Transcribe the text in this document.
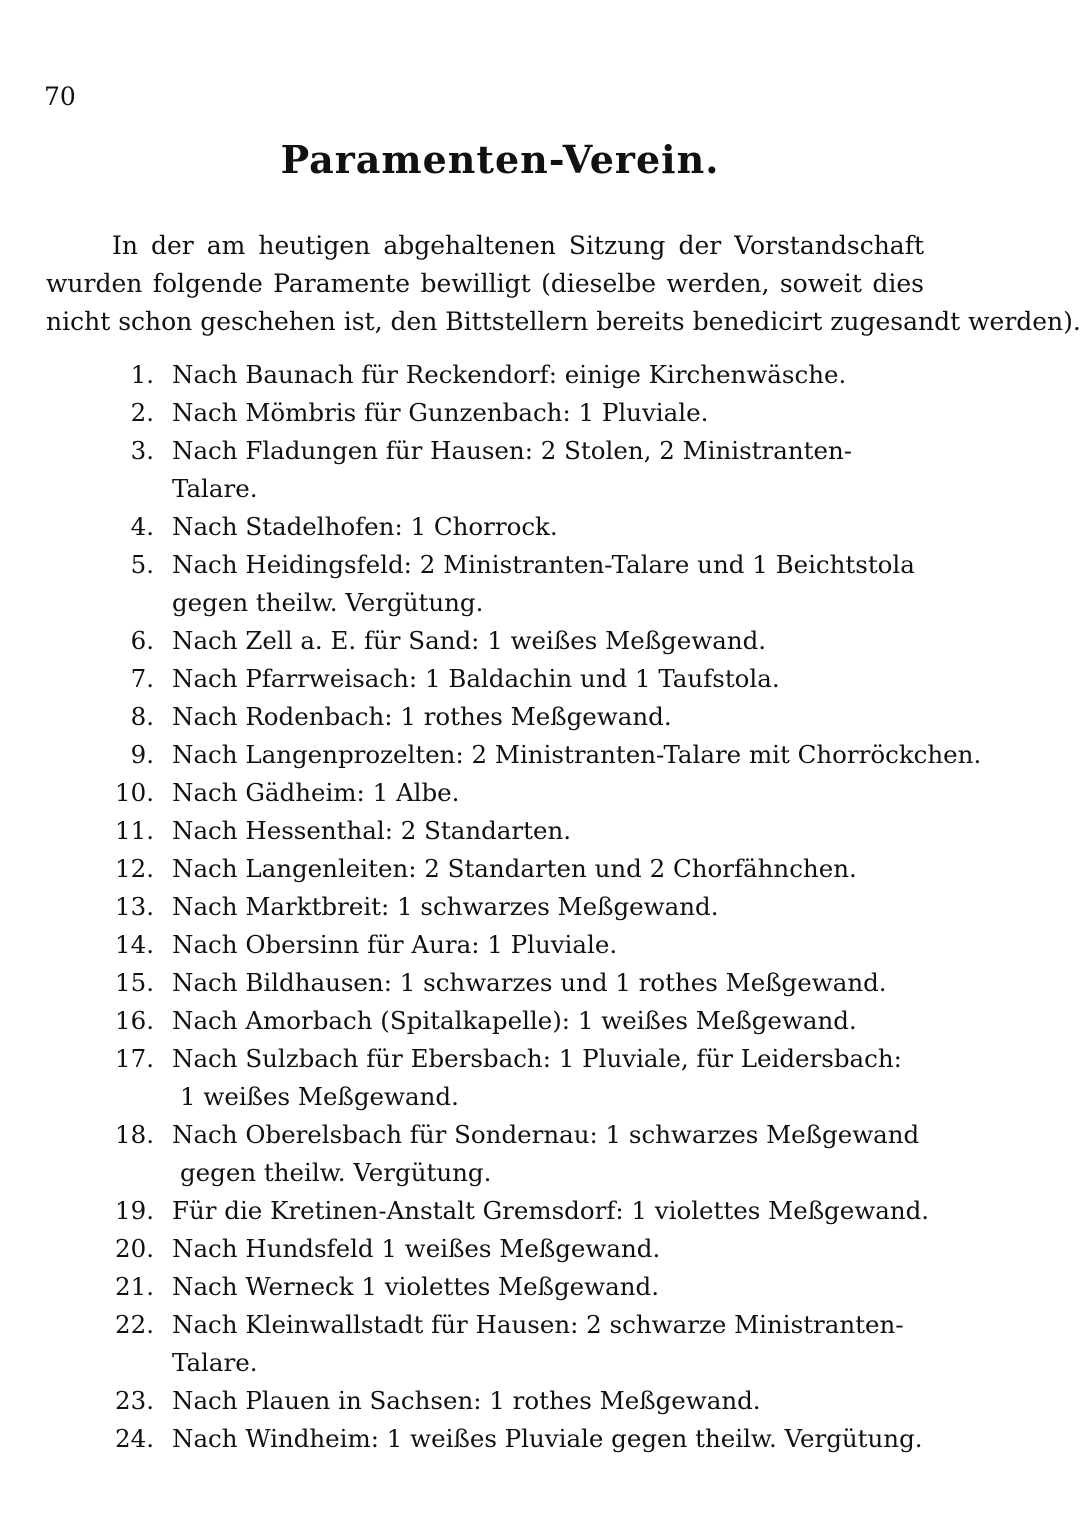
70
Paramenten-Verein.
In der am heutigen abgehaltenen Sitzung der Vorstandschaft
wurden folgende Paramente bewilligt (dieselbe werden, soweit dies
nicht schon geschehen ist, den Bittstellern bereits benedicirt zugesandt werden).
1. Nach Baunach für Reckendorf: einige Kirchenwäsche.
2. Nach Mömbris für Gunzenbach: 1 Pluviale.
3. Nach Fladungen für Hausen: 2 Stolen, 2 Ministranten-
Talare.
4. Nach Stadelhofen: 1 Chorrock.
5. Nach Heidingsfeld: 2 Ministranten-Talare und 1 Beichtstola
gegen theilw. Vergütung.
6. Nach Zell a. E. für Sand: 1 weißes Meßgewand.
7. Nach Pfarrweisach: 1 Baldachin und 1 Taufstola.
8. Nach Rodenbach: 1 rothes Meßgewand.
9. Nach Langenprozelten: 2 Ministranten-Talare mit Chorröckchen.
10. Nach Gädheim: 1 Albe.
11. Nach Hessenthal: 2 Standarten.
12. Nach Langenleiten: 2 Standarten und 2 Chorfähnchen.
13. Nach Marktbreit: 1 schwarzes Meßgewand.
14. Nach Obersinn für Aura: 1 Pluviale.
15. Nach Bildhausen: 1 schwarzes und 1 rothes Meßgewand.
16. Nach Amorbach (Spitalkapelle): 1 weißes Meßgewand.
17. Nach Sulzbach für Ebersbach: 1 Pluviale, für Leidersbach:
1 weißes Meßgewand.
18. Nach Oberelsbach für Sondernau: 1 schwarzes Meßgewand
gegen theilw. Vergütung.
19. Für die Kretinen-Anstalt Gremsdorf: 1 violettes Meßgewand.
20. Nach Hundsfeld 1 weißes Meßgewand.
21. Nach Werneck 1 violettes Meßgewand.
22. Nach Kleinwallstadt für Hausen: 2 schwarze Ministranten-
Talare.
23. Nach Plauen in Sachsen: 1 rothes Meßgewand.
24. Nach Windheim: 1 weißes Pluviale gegen theilw. Vergütung.
